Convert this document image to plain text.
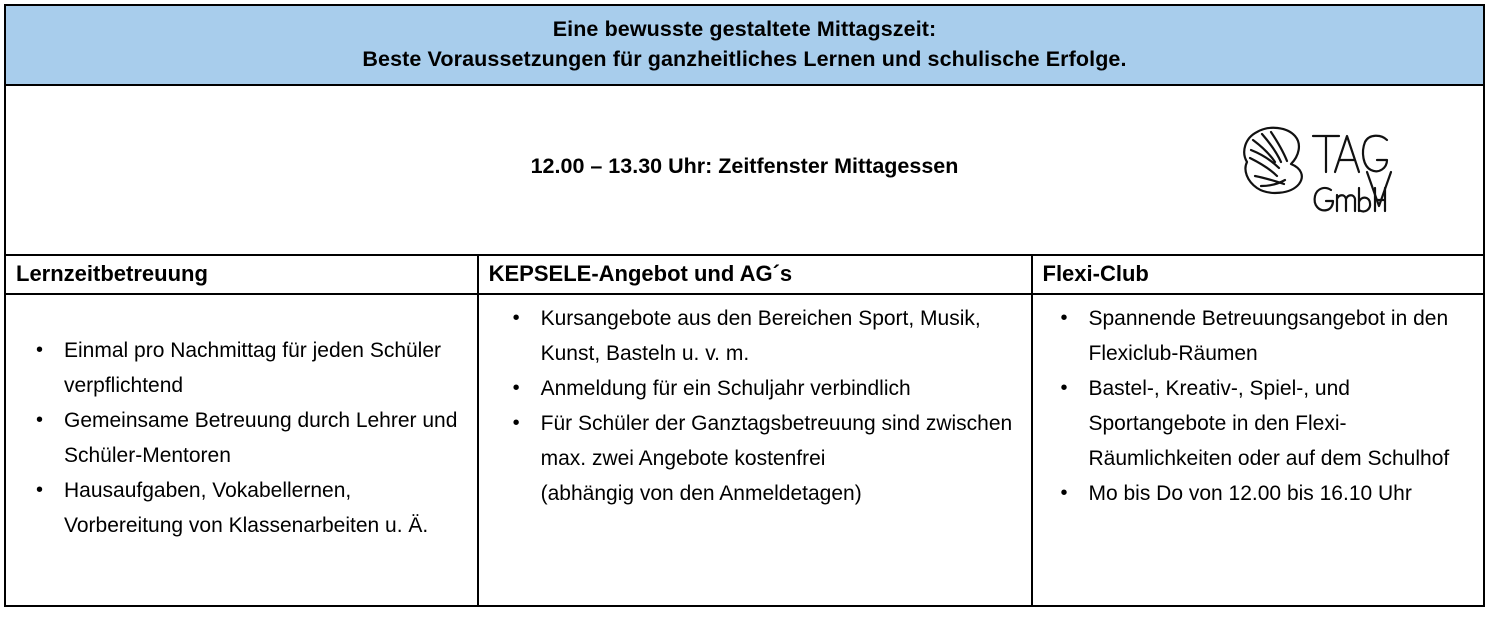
Eine bewusste gestaltete Mittagszeit:
Beste Voraussetzungen für ganzheitliches Lernen und schulische Erfolge.
12.00 – 13.30 Uhr: Zeitfenster Mittagessen
Lernzeitbetreuung	KEPSELE-Angebot und AG´s	Flexi-Club
• Einmal pro Nachmittag für jeden Schüler verpflichtend
• Gemeinsame Betreuung durch Lehrer und Schüler-Mentoren
• Hausaufgaben, Vokabellernen, Vorbereitung von Klassenarbeiten u. Ä.
• Kursangebote aus den Bereichen Sport, Musik, Kunst, Basteln u. v. m.
• Anmeldung für ein Schuljahr verbindlich
• Für Schüler der Ganztagsbetreuung sind zwischen max. zwei Angebote kostenfrei
(abhängig von den Anmeldetagen)
• Spannende Betreuungsangebot in den Flexiclub-Räumen
• Bastel-, Kreativ-, Spiel-, und Sportangebote in den Flexi-Räumlichkeiten oder auf dem Schulhof
• Mo bis Do von 12.00 bis 16.10 Uhr
